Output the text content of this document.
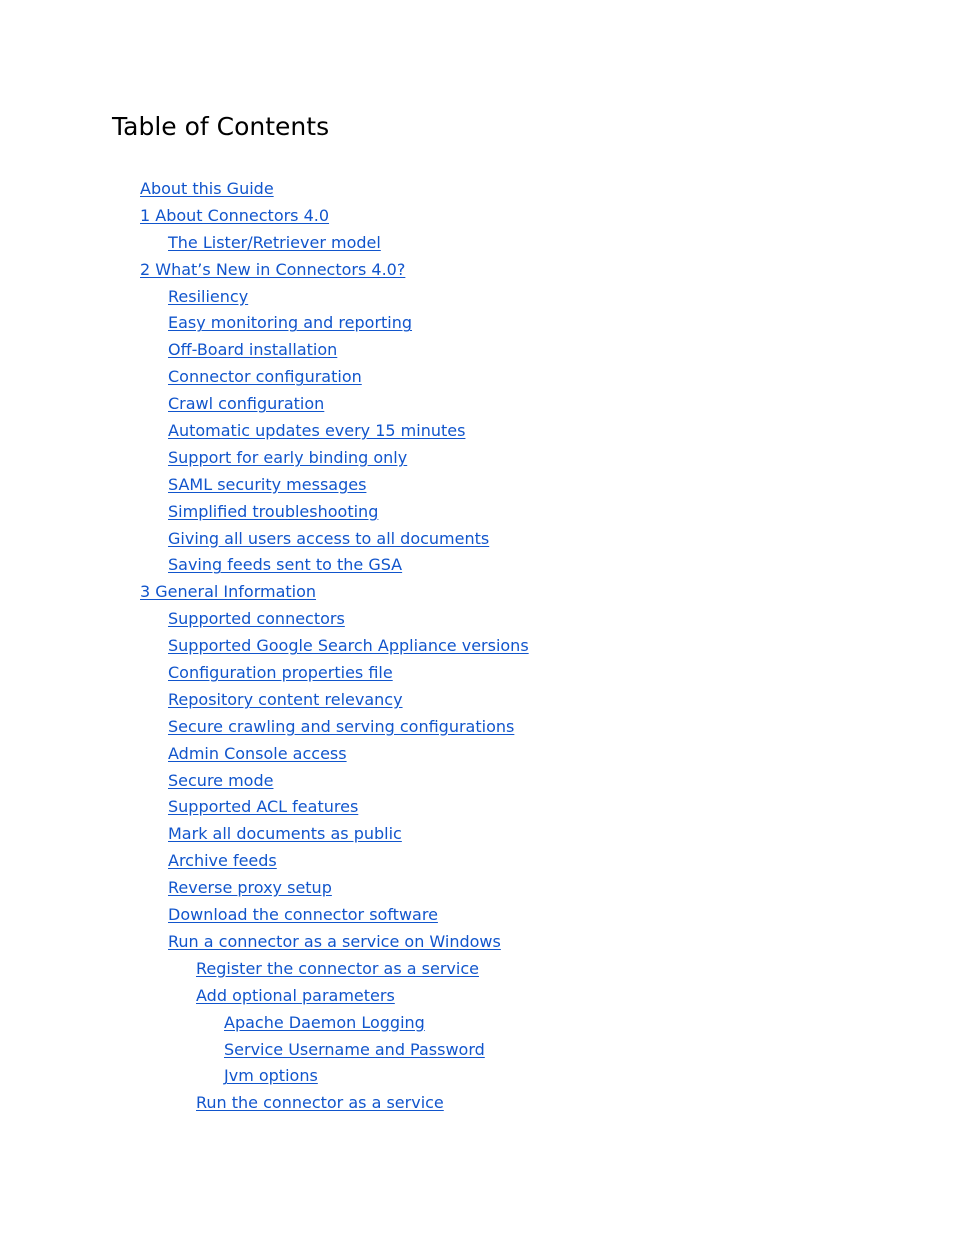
Table of Contents
About this Guide
1 About Connectors 4.0
The Lister/Retriever model
2 What’s New in Connectors 4.0?
Resiliency
Easy monitoring and reporting
Off-Board installation
Connector configuration
Crawl configuration
Automatic updates every 15 minutes
Support for early binding only
SAML security messages
Simplified troubleshooting
Giving all users access to all documents
Saving feeds sent to the GSA
3 General Information
Supported connectors
Supported Google Search Appliance versions
Configuration properties file
Repository content relevancy
Secure crawling and serving configurations
Admin Console access
Secure mode
Supported ACL features
Mark all documents as public
Archive feeds
Reverse proxy setup
Download the connector software
Run a connector as a service on Windows
Register the connector as a service
Add optional parameters
Apache Daemon Logging
Service Username and Password
Jvm options
Run the connector as a service
